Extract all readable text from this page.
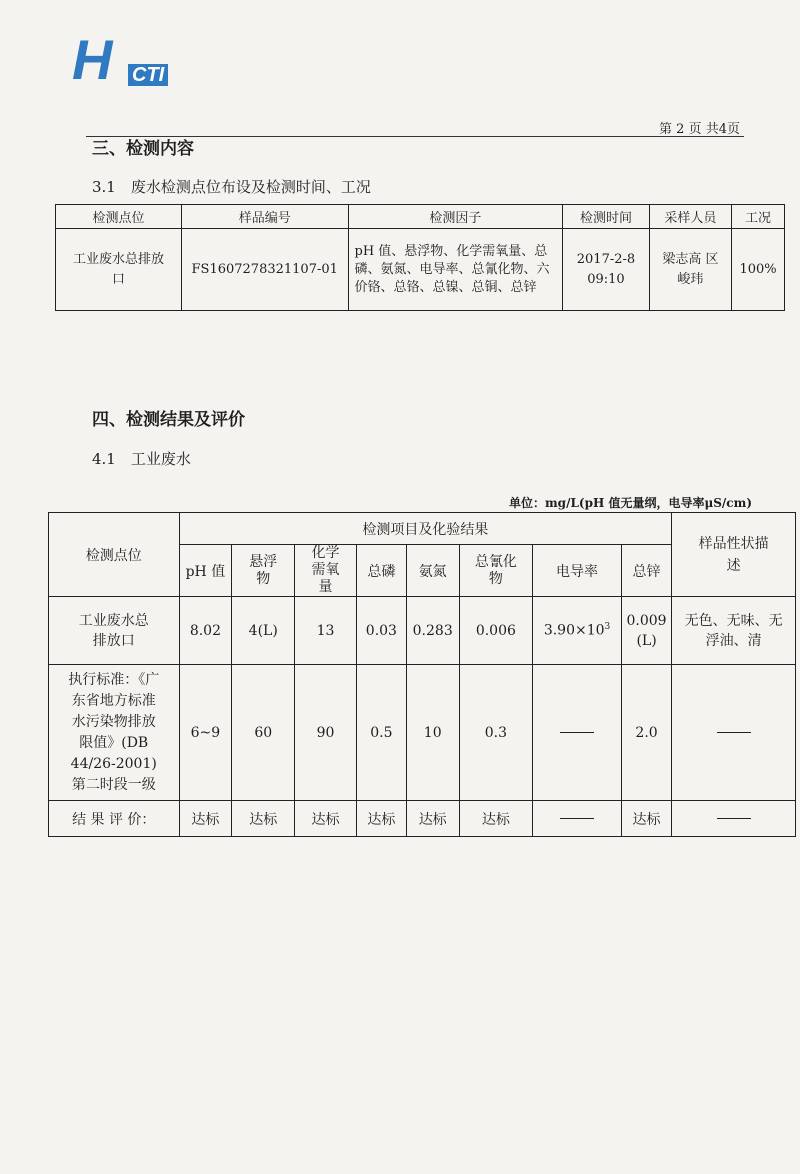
H CTI
第 2 页 共4页
三、检测内容
3.1　废水检测点位布设及检测时间、工况
检测点位	样品编号	检测因子	检测时间	采样人员	工况
工业废水总排放口	FS1607278321107-01	pH 值、悬浮物、化学需氧量、总磷、氨氮、电导率、总氰化物、六价铬、总铬、总镍、总铜、总锌	2017-2-8 09:10	梁志高 区峻玮	100%
四、检测结果及评价
4.1　工业废水
单位：mg/L(pH 值无量纲，电导率μS/cm)
检测点位	检测项目及化验结果								样品性状描述
	pH 值	悬浮物	化学需氧量	总磷	氨氮	总氰化物	电导率	总锌	
工业废水总排放口	8.02	4(L)	13	0.03	0.283	0.006	$3.90\times 10^3$	0.009 (L)	无色、无味、无浮油、清
执行标准：《广东省地方标准水污染物排放限值》(DB 44/26-2001)第二时段一级	6~9	60	90	0.5	10	0.3		2.0	
结 果 评 价：	达标	达标	达标	达标	达标	达标		达标	
